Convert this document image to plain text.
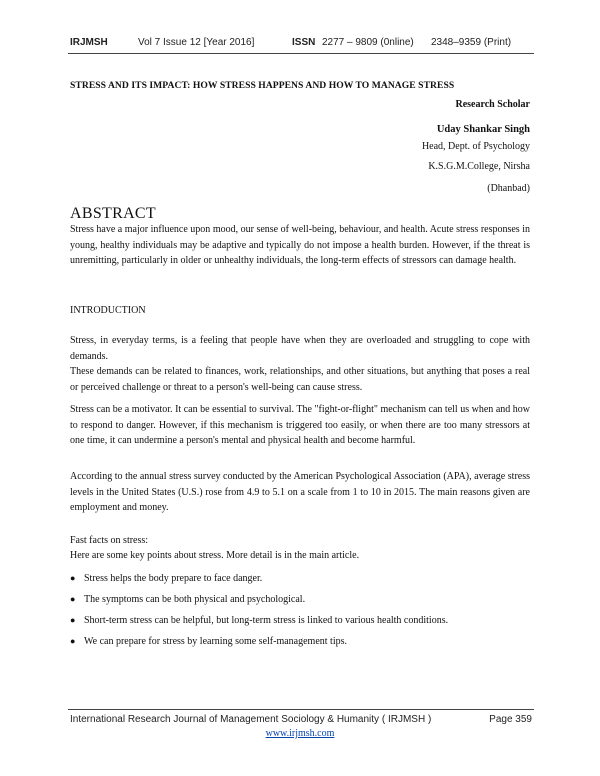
IRJMSH	Vol 7 Issue 12 [Year 2016]	ISSN 2277 – 9809 (0nline) 2348–9359 (Print)
STRESS AND ITS IMPACT: HOW STRESS HAPPENS AND HOW TO MANAGE STRESS
Research Scholar
Uday Shankar Singh
Head, Dept. of Psychology
K.S.G.M.College, Nirsha
(Dhanbad)
ABSTRACT
Stress have a major influence upon mood, our sense of well-being, behaviour, and health. Acute stress responses in young, healthy individuals may be adaptive and typically do not impose a health burden. However, if the threat is unremitting, particularly in older or unhealthy individuals, the long-term effects of stressors can damage health.
INTRODUCTION
Stress, in everyday terms, is a feeling that people have when they are overloaded and struggling to cope with demands.
These demands can be related to finances, work, relationships, and other situations, but anything that poses a real or perceived challenge or threat to a person's well-being can cause stress.
Stress can be a motivator. It can be essential to survival. The "fight-or-flight" mechanism can tell us when and how to respond to danger. However, if this mechanism is triggered too easily, or when there are too many stressors at one time, it can undermine a person's mental and physical health and become harmful.
According to the annual stress survey conducted by the American Psychological Association (APA), average stress levels in the United States (U.S.) rose from 4.9 to 5.1 on a scale from 1 to 10 in 2015. The main reasons given are employment and money.
Fast facts on stress:
Here are some key points about stress. More detail is in the main article.
● Stress helps the body prepare to face danger.
● The symptoms can be both physical and psychological.
● Short-term stress can be helpful, but long-term stress is linked to various health conditions.
● We can prepare for stress by learning some self-management tips.
International Research Journal of Management Sociology & Humanity ( IRJMSH )	Page 359
www.irjmsh.com
